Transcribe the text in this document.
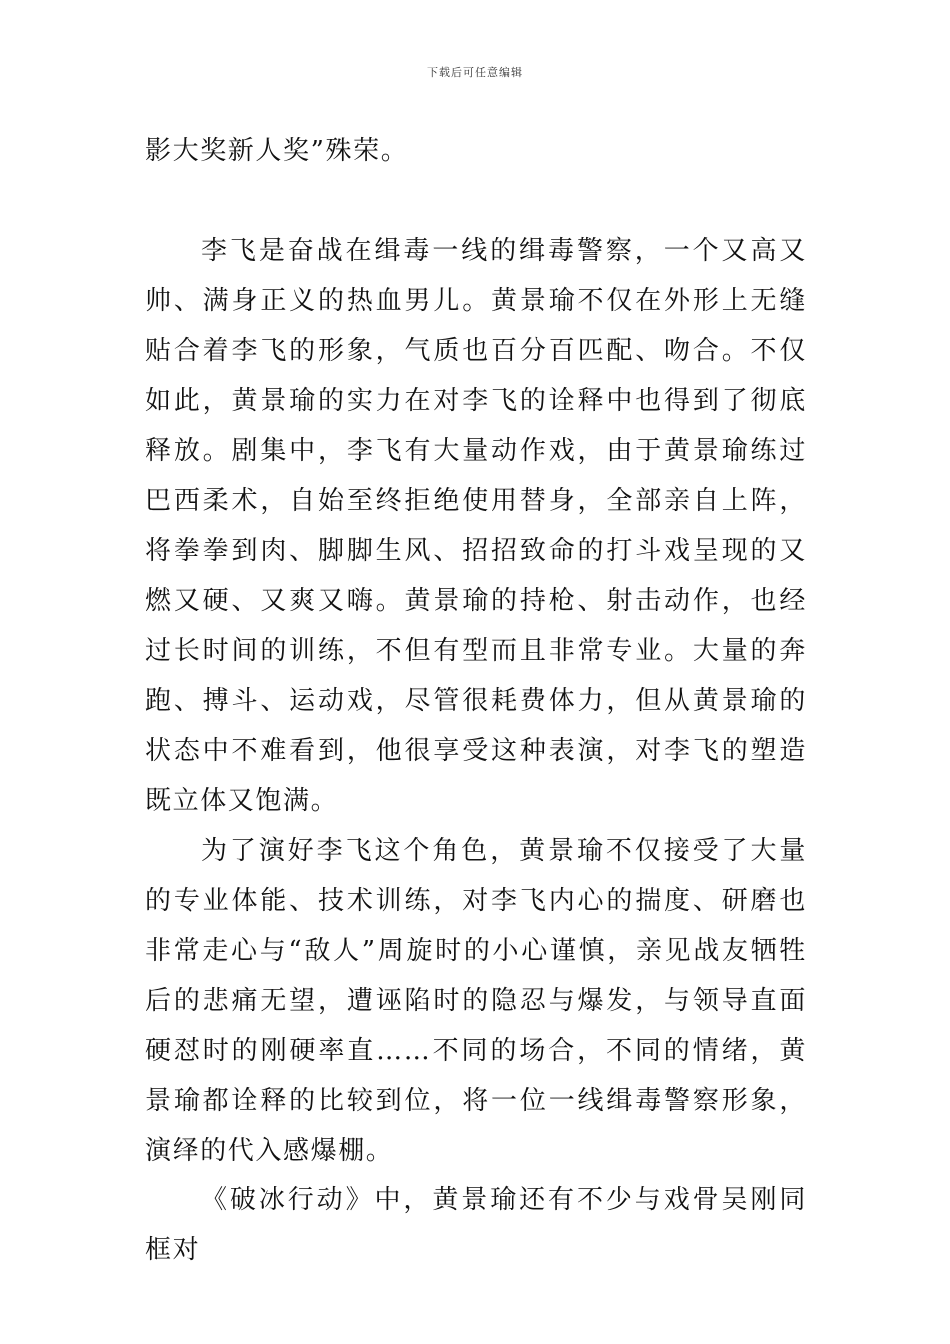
下载后可任意编辑

影大奖新人奖”殊荣。

李飞是奋战在缉毒一线的缉毒警察，一个又高又帅、满身正义的热血男儿。黄景瑜不仅在外形上无缝贴合着李飞的形象，气质也百分百匹配、吻合。不仅如此，黄景瑜的实力在对李飞的诠释中也得到了彻底释放。剧集中，李飞有大量动作戏，由于黄景瑜练过巴西柔术，自始至终拒绝使用替身，全部亲自上阵，将拳拳到肉、脚脚生风、招招致命的打斗戏呈现的又燃又硬、又爽又嗨。黄景瑜的持枪、射击动作，也经过长时间的训练，不但有型而且非常专业。大量的奔跑、搏斗、运动戏，尽管很耗费体力，但从黄景瑜的状态中不难看到，他很享受这种表演，对李飞的塑造既立体又饱满。

为了演好李飞这个角色，黄景瑜不仅接受了大量的专业体能、技术训练，对李飞内心的揣度、研磨也非常走心与“敌人”周旋时的小心谨慎，亲见战友牺牲后的悲痛无望，遭诬陷时的隐忍与爆发，与领导直面硬怼时的刚硬率直……不同的场合，不同的情绪，黄景瑜都诠释的比较到位，将一位一线缉毒警察形象，演绎的代入感爆棚。

《破冰行动》中，黄景瑜还有不少与戏骨吴刚同框对
